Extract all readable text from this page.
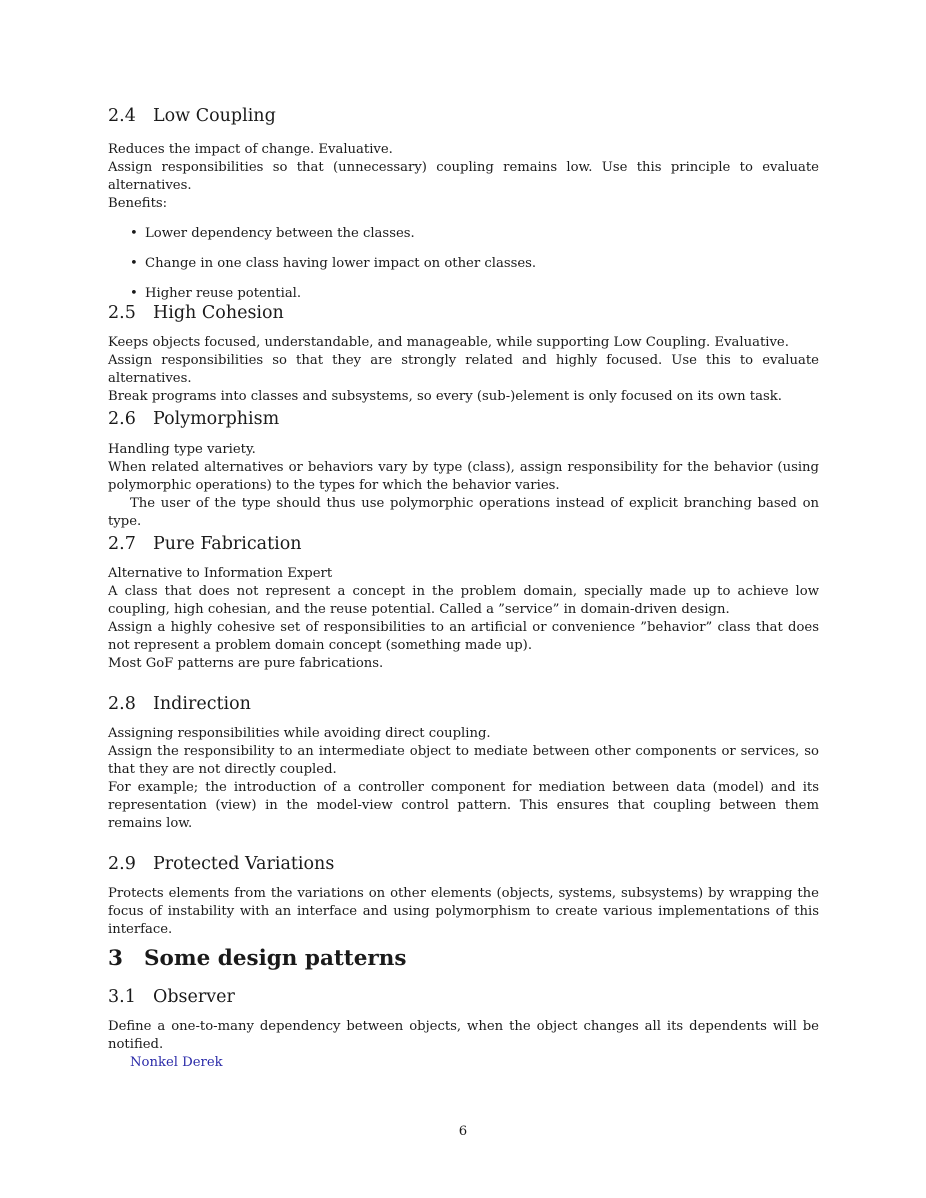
2.4 Low Coupling

Reduces the impact of change. Evaluative.
Assign responsibilities so that (unnecessary) coupling remains low. Use this principle to evaluate alternatives.
Benefits:

• Lower dependency between the classes.
• Change in one class having lower impact on other classes.
• Higher reuse potential.
2.5 High Cohesion

Keeps objects focused, understandable, and manageable, while supporting Low Coupling. Evaluative.
Assign responsibilities so that they are strongly related and highly focused. Use this to evaluate alternatives.
Break programs into classes and subsystems, so every (sub-)element is only focused on its own task.

2.6 Polymorphism

Handling type variety.

When related alternatives or behaviors vary by type (class), assign responsibility for the behavior (using polymorphic operations) to the types for which the behavior varies.

The user of the type should thus use polymorphic operations instead of explicit branching based on type.

2.7 Pure Fabrication

Alternative to Information Expert

A class that does not represent a concept in the problem domain, specially made up to achieve low coupling, high cohesian, and the reuse potential. Called a ”service” in domain-driven design.

Assign a highly cohesive set of responsibilities to an artificial or convenience ”behavior” class that does not represent a problem domain concept (something made up).

Most GoF patterns are pure fabrications.

2.8 Indirection

Assigning responsibilities while avoiding direct coupling.

Assign the responsibility to an intermediate object to mediate between other components or services, so that they are not directly coupled.

For example; the introduction of a controller component for mediation between data (model) and its representation (view) in the model-view control pattern. This ensures that coupling between them remains low.

2.9 Protected Variations

Protects elements from the variations on other elements (objects, systems, subsystems) by wrapping the focus of instability with an interface and using polymorphism to create various implementations of this interface.

3 Some design patterns
3.1 Observer

Define a one-to-many dependency between objects, when the object changes all its dependents will be notified.

Nonkel Derek
6
